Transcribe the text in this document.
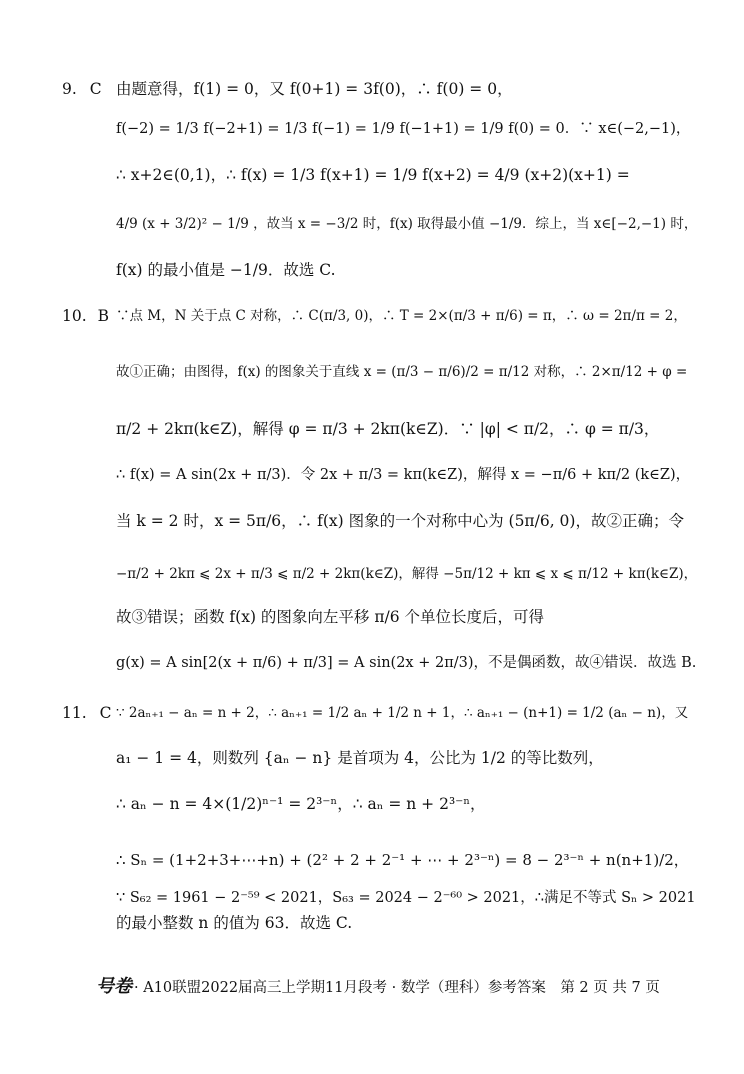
9. C 由题意得，f(1) = 0，又 f(0+1) = 3f(0)，∴ f(0) = 0，
f(−2) = 1/3 f(−2+1) = 1/3 f(−1) = 1/9 f(−1+1) = 1/9 f(0) = 0．∵ x∈(−2,−1)，
∴ x+2∈(0,1)，∴ f(x) = 1/3 f(x+1) = 1/9 f(x+2) = 4/9 (x+2)(x+1) =
4/9 (x + 3/2)² − 1/9 ，故当 x = −3/2 时，f(x) 取得最小值 −1/9．综上，当 x∈[−2,−1) 时，
f(x) 的最小值是 −1/9．故选 C.
10. B ∵点 M，N 关于点 C 对称，∴ C(π/3, 0)，∴ T = 2×(π/3 + π/6) = π，∴ ω = 2π/π = 2，
故①正确；由图得，f(x) 的图象关于直线 x = (π/3 − π/6)/2 = π/12 对称，∴ 2×π/12 + φ =
π/2 + 2kπ(k∈Z)，解得 φ = π/3 + 2kπ(k∈Z)．∵ |φ| < π/2，∴ φ = π/3，
∴ f(x) = A sin(2x + π/3)．令 2x + π/3 = kπ(k∈Z)，解得 x = −π/6 + kπ/2 (k∈Z)，
当 k = 2 时，x = 5π/6，∴ f(x) 图象的一个对称中心为 (5π/6, 0)，故②正确；令
−π/2 + 2kπ ⩽ 2x + π/3 ⩽ π/2 + 2kπ(k∈Z)，解得 −5π/12 + kπ ⩽ x ⩽ π/12 + kπ(k∈Z)，
故③错误；函数 f(x) 的图象向左平移 π/6 个单位长度后，可得
g(x) = A sin[2(x + π/6) + π/3] = A sin(2x + 2π/3)，不是偶函数，故④错误．故选 B.
11. C ∵ 2aₙ₊₁ − aₙ = n + 2，∴ aₙ₊₁ = 1/2 aₙ + 1/2 n + 1，∴ aₙ₊₁ − (n+1) = 1/2 (aₙ − n)，又
a₁ − 1 = 4，则数列 {aₙ − n} 是首项为 4，公比为 1/2 的等比数列，
∴ aₙ − n = 4×(1/2)ⁿ⁻¹ = 2³⁻ⁿ，∴ aₙ = n + 2³⁻ⁿ，
∴ Sₙ = (1+2+3+⋯+n) + (2² + 2 + 2⁻¹ + ⋯ + 2³⁻ⁿ) = 8 − 2³⁻ⁿ + n(n+1)/2，
∵ S₆₂ = 1961 − 2⁻⁵⁹ < 2021，S₆₃ = 2024 − 2⁻⁶⁰ > 2021，∴满足不等式 Sₙ > 2021
的最小整数 n 的值为 63．故选 C.
号卷 · A10联盟2022届高三上学期11月段考 · 数学（理科）参考答案　第 2 页 共 7 页
